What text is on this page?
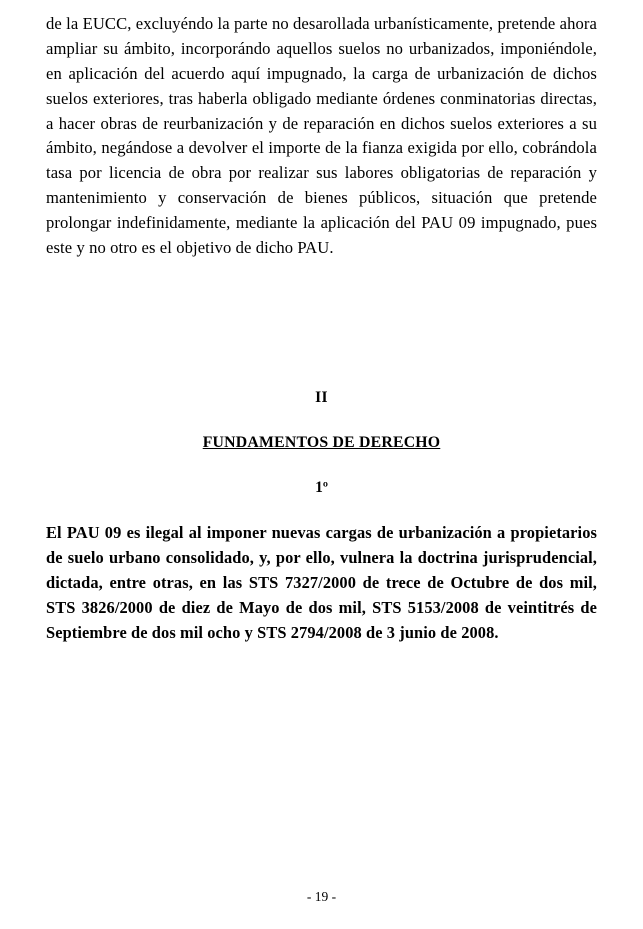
de la EUCC, excluyéndo la parte no desarollada urbanísticamente, pretende ahora ampliar su ámbito, incorporándo aquellos suelos no urbanizados, imponiéndole, en aplicación del acuerdo aquí impugnado, la carga de urbanización de dichos suelos exteriores, tras haberla obligado mediante órdenes conminatorias directas, a hacer obras de reurbanización y de reparación en dichos suelos exteriores a su ámbito, negándose a devolver el importe de la fianza exigida por ello, cobrándola tasa por licencia de obra por realizar sus labores obligatorias de reparación y mantenimiento y conservación de bienes públicos, situación que pretende prolongar indefinidamente, mediante la aplicación del PAU 09 impugnado, pues este y no otro es el objetivo de dicho PAU.

II

FUNDAMENTOS DE DERECHO

1º

El PAU 09 es ilegal al imponer nuevas cargas de urbanización a propietarios de suelo urbano consolidado, y, por ello, vulnera la doctrina jurisprudencial, dictada, entre otras, en las STS 7327/2000 de trece de Octubre de dos mil, STS 3826/2000 de diez de Mayo de dos mil, STS 5153/2008 de veintitrés de Septiembre de dos mil ocho y STS 2794/2008 de 3 junio de 2008.

- 19 -
